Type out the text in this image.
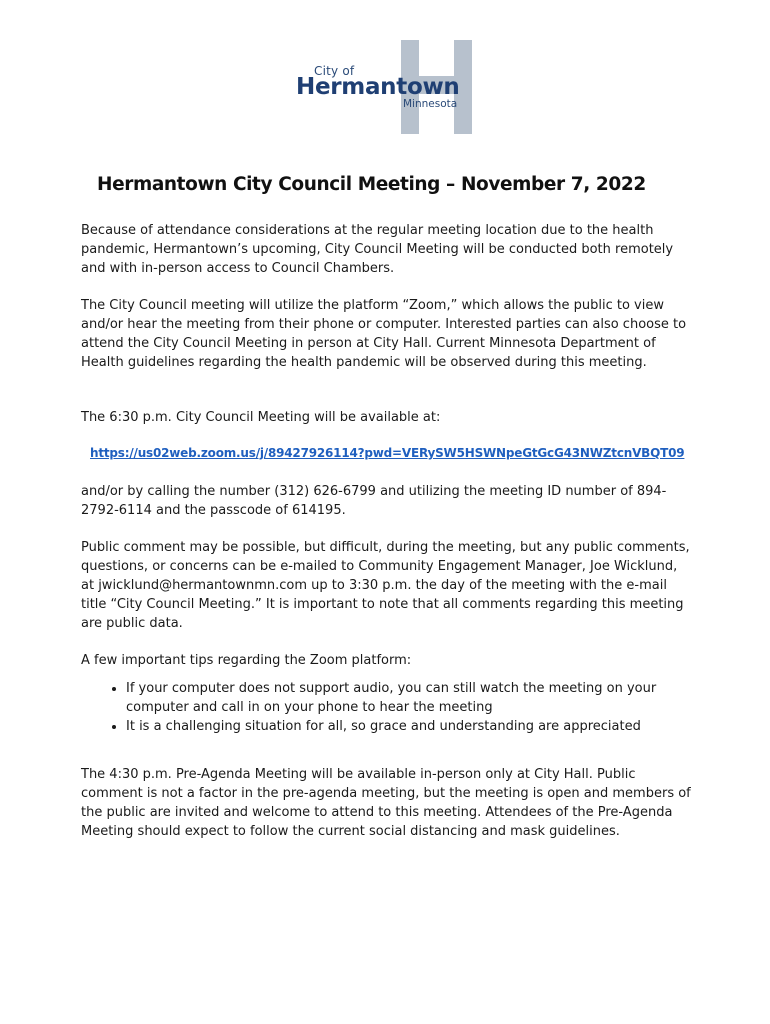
City of
Hermantown
Minnesota
Hermantown City Council Meeting – November 7, 2022

Because of attendance considerations at the regular meeting location due to the health pandemic, Hermantown’s upcoming, City Council Meeting will be conducted both remotely and with in-person access to Council Chambers.

The City Council meeting will utilize the platform “Zoom,” which allows the public to view and/or hear the meeting from their phone or computer. Interested parties can also choose to attend the City Council Meeting in person at City Hall. Current Minnesota Department of Health guidelines regarding the health pandemic will be observed during this meeting.

The 6:30 p.m. City Council Meeting will be available at:

https://us02web.zoom.us/j/89427926114?pwd=VERySW5HSWNpeGtGcG43NWZtcnVBQT09

and/or by calling the number (312) 626-6799 and utilizing the meeting ID number of 894-2792-6114 and the passcode of 614195.

Public comment may be possible, but difficult, during the meeting, but any public comments, questions, or concerns can be e-mailed to Community Engagement Manager, Joe Wicklund, at jwicklund@hermantownmn.com up to 3:30 p.m. the day of the meeting with the e-mail title “City Council Meeting.” It is important to note that all comments regarding this meeting are public data.

A few important tips regarding the Zoom platform:

• If your computer does not support audio, you can still watch the meeting on your computer and call in on your phone to hear the meeting
• It is a challenging situation for all, so grace and understanding are appreciated

The 4:30 p.m. Pre-Agenda Meeting will be available in-person only at City Hall. Public comment is not a factor in the pre-agenda meeting, but the meeting is open and members of the public are invited and welcome to attend to this meeting. Attendees of the Pre-Agenda Meeting should expect to follow the current social distancing and mask guidelines.
